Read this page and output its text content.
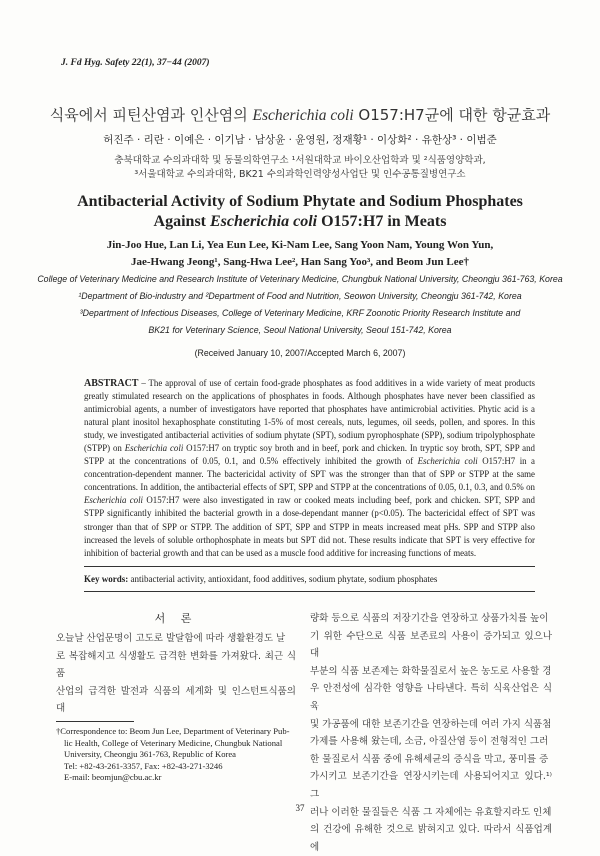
J. Fd Hyg. Safety 22(1), 37−44 (2007)
식육에서 피틴산염과 인산염의 Escherichia coli O157:H7균에 대한 항균효과
허진주 · 리란 · 이예은 · 이기남 · 남상윤 · 윤영원, 정재황¹ · 이상화² · 유한상³ · 이범준
충북대학교 수의과대학 및 동물의학연구소 ¹서원대학교 바이오산업학과 및 ²식품영양학과,
³서울대학교 수의과대학, BK21 수의과학인력양성사업단 및 인수공통질병연구소
Antibacterial Activity of Sodium Phytate and Sodium Phosphates
Against Escherichia coli O157:H7 in Meats
Jin-Joo Hue, Lan Li, Yea Eun Lee, Ki-Nam Lee, Sang Yoon Nam, Young Won Yun,
Jae-Hwang Jeong¹, Sang-Hwa Lee², Han Sang Yoo³, and Beom Jun Lee†
College of Veterinary Medicine and Research Institute of Veterinary Medicine, Chungbuk National University, Cheongju 361-763, Korea
¹Department of Bio-industry and ²Department of Food and Nutrition, Seowon University, Cheongju 361-742, Korea
³Department of Infectious Diseases, College of Veterinary Medicine, KRF Zoonotic Priority Research Institute and
BK21 for Veterinary Science, Seoul National University, Seoul 151-742, Korea
(Received January 10, 2007/Accepted March 6, 2007)
ABSTRACT – The approval of use of certain food-grade phosphates as food additives in a wide variety of meat products greatly stimulated research on the applications of phosphates in foods. Although phosphates have never been classified as antimicrobial agents, a number of investigators have reported that phosphates have antimicrobial activities. Phytic acid is a natural plant inositol hexaphosphate constituting 1-5% of most cereals, nuts, legumes, oil seeds, pollen, and spores. In this study, we investigated antibacterial activities of sodium phytate (SPT), sodium pyrophosphate (SPP), sodium tripolyphosphate (STPP) on Escherichia coli O157:H7 on tryptic soy broth and in beef, pork and chicken. In tryptic soy broth, SPT, SPP and STPP at the concentrations of 0.05, 0.1, and 0.5% effectively inhibited the growth of Escherichia coli O157:H7 in a concentration-dependent manner. The bactericidal activity of SPT was the stronger than that of SPP or STPP at the same concentrations. In addition, the antibacterial effects of SPT, SPP and STPP at the concentrations of 0.05, 0.1, 0.3, and 0.5% on Escherichia coli O157:H7 were also investigated in raw or cooked meats including beef, pork and chicken. SPT, SPP and STPP significantly inhibited the bacterial growth in a dose-dependant manner (p<0.05). The bactericidal effect of SPT was stronger than that of SPP or STPP. The addition of SPT, SPP and STPP in meats increased meat pHs. SPP and STPP also increased the levels of soluble orthophosphate in meats but SPT did not. These results indicate that SPT is very effective for inhibition of bacterial growth and that can be used as a muscle food additive for increasing functions of meats.
Key words: antibacterial activity, antioxidant, food additives, sodium phytate, sodium phosphates
서 론
오늘날 산업문명이 고도로 발달함에 따라 생활환경도 날
로 복잡해지고 식생활도 급격한 변화를 가져왔다. 최근 식품
산업의 급격한 발전과 식품의 세계화 및 인스턴트식품의 대
†Correspondence to: Beom Jun Lee, Department of Veterinary Pub-
lic Health, College of Veterinary Medicine, Chungbuk National
University, Cheongju 361-763, Republic of Korea
Tel: +82-43-261-3357, Fax: +82-43-271-3246
E-mail: beomjun@cbu.ac.kr
량화 등으로 식품의 저장기간을 연장하고 상품가치를 높이
기 위한 수단으로 식품 보존료의 사용이 증가되고 있으나 대
부분의 식품 보존제는 화학물질로서 높은 농도로 사용할 경
우 안전성에 심각한 영향을 나타낸다. 특히 식육산업은 식육
및 가공품에 대한 보존기간을 연장하는데 여러 가지 식품첨
가제를 사용해 왔는데, 소금, 아질산염 등이 전형적인 그러
한 물질로서 식품 중에 유해세균의 증식을 막고, 풍미를 증
가시키고 보존기간을 연장시키는데 사용되어지고 있다.¹⁾ 그
러나 이러한 물질들은 식품 그 자체에는 유효할지라도 인체
의 건강에 유해한 것으로 밝혀지고 있다. 따라서 식품업계에
37
